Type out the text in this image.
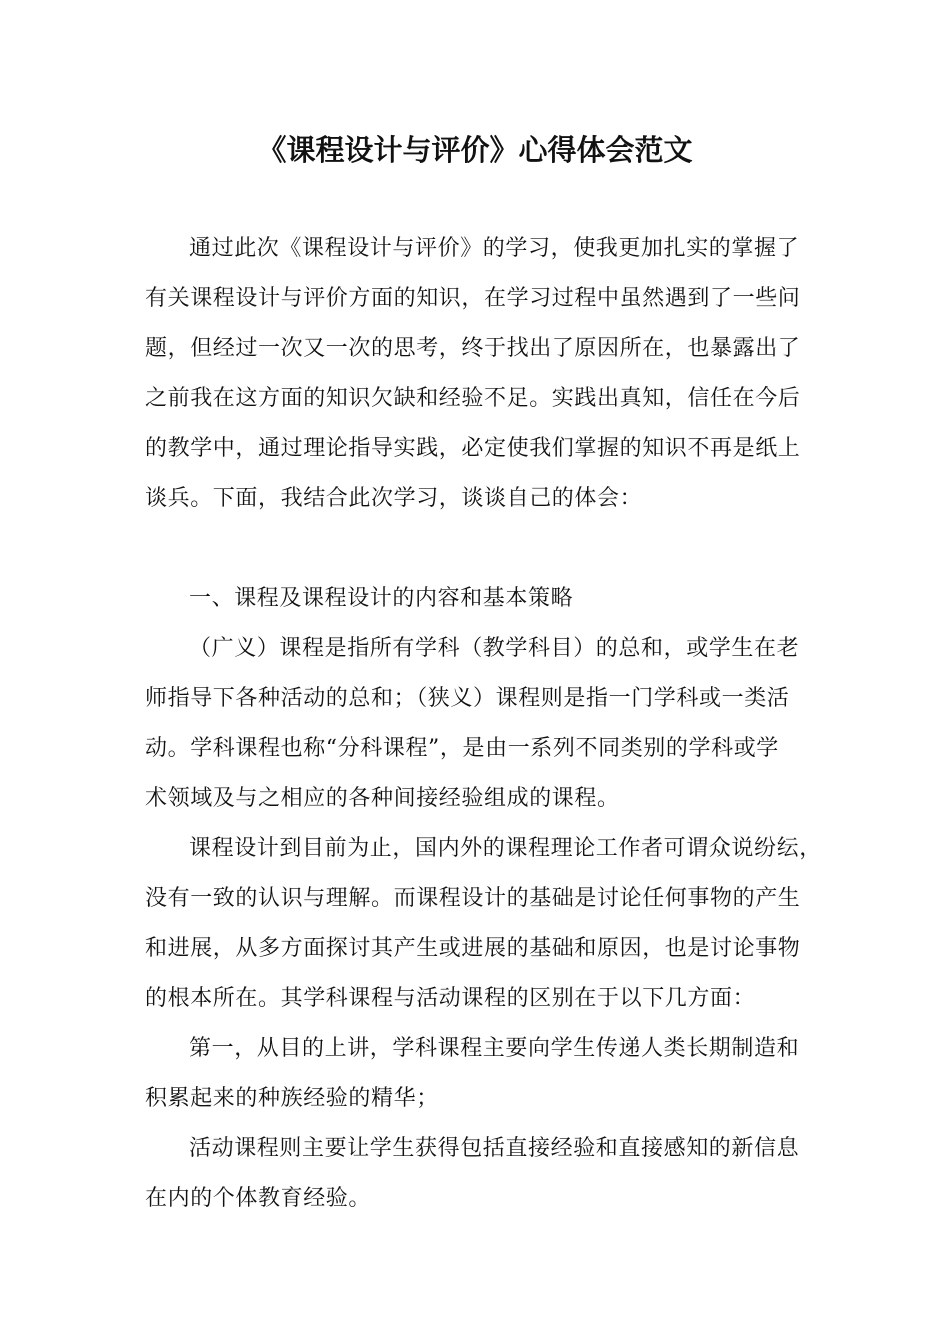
《课程设计与评价》心得体会范文

通过此次《课程设计与评价》的学习，使我更加扎实的掌握了

有关课程设计与评价方面的知识，在学习过程中虽然遇到了一些问

题，但经过一次又一次的思考，终于找出了原因所在，也暴露出了

之前我在这方面的知识欠缺和经验不足。实践出真知，信任在今后

的教学中，通过理论指导实践，必定使我们掌握的知识不再是纸上

谈兵。下面，我结合此次学习，谈谈自己的体会：

一、课程及课程设计的内容和基本策略

（广义）课程是指所有学科（教学科目）的总和，或学生在老

师指导下各种活动的总和；（狭义）课程则是指一门学科或一类活

动。学科课程也称“分科课程”，是由一系列不同类别的学科或学

术领域及与之相应的各种间接经验组成的课程。

课程设计到目前为止，国内外的课程理论工作者可谓众说纷纭，

没有一致的认识与理解。而课程设计的基础是讨论任何事物的产生

和进展，从多方面探讨其产生或进展的基础和原因，也是讨论事物

的根本所在。其学科课程与活动课程的区别在于以下几方面：

第一，从目的上讲，学科课程主要向学生传递人类长期制造和

积累起来的种族经验的精华；

活动课程则主要让学生获得包括直接经验和直接感知的新信息

在内的个体教育经验。
